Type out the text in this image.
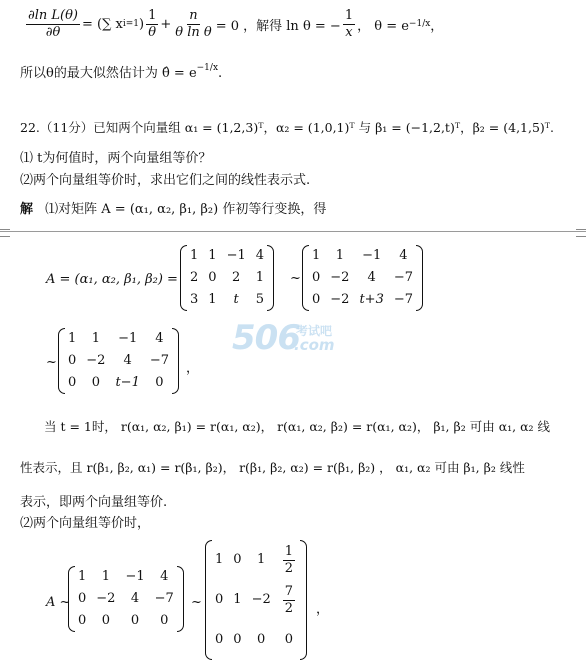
$\frac{\text{∂ln L(θ)}}{\partial\theta}$ = (∑ x i=1 ) $\frac{1}{\theta} + \frac{n}{\text{θ ln θ}} = 0$ ，解得 ln θ = − $\frac{1}{x}$ ， θ = e −1/x ，
所以θ的最大似然估计为 θ̂ = $e^{-1/x}$.
22.（11分）已知两个向量组 α₁ = (1,2,3)ᵀ，α₂ = (1,0,1)ᵀ 与 β₁ = (−1,2,t)ᵀ，β₂ = (4,1,5)ᵀ.
⑴ t为何值时，两个向量组等价？
⑵两个向量组等价时，求出它们之间的线性表示式.
解 ⑴对矩阵 A = (α₁, α₂, β₁, β₂) 作初等行变换，得
A = (α₁, α₂, β₁, β₂) =
1 1 −1 4
2 0	2	1
3 1	t	5
~
1	1	−1	4
0 −2	4	−7
0 −2 t+3 −7
~
1	1	−1	4
0 −2	4	−7
0	0	t−1	0
，
506
考试吧
.com
当 t = 1时， r(α₁, α₂, β₁) = r(α₁, α₂)， r(α₁, α₂, β₂) = r(α₁, α₂)， β₁, β₂ 可由 α₁, α₂ 线
性表示，且 r(β₁, β₂, α₁) = r(β₁, β₂)， r(β₁, β₂, α₂) = r(β₁, β₂) ， α₁, α₂ 可由 β₁, β₂ 线性
表示，即两个向量组等价.
⑵两个向量组等价时，
A ~
1	1	−1	4
0 −2	4	−7
0	0	0	0
~
1 0	1	$\frac{1}{2}$
0 $1 -2 \frac{7}{2}$
0 0	0	0
，
